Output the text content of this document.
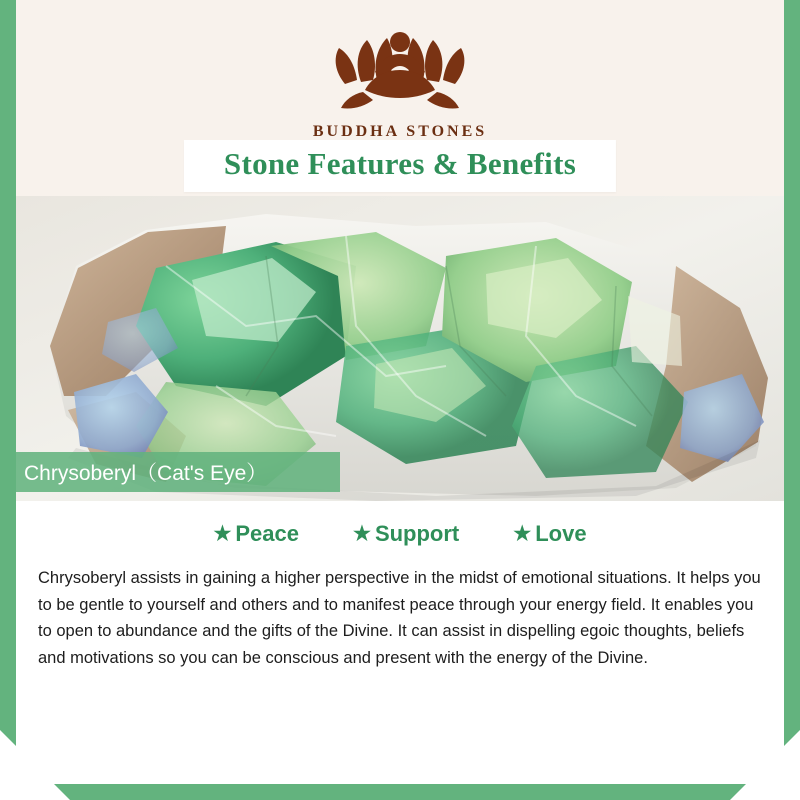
BUDDHA STONES
Stone Features & Benefits
Chrysoberyl（Cat's Eye）
★ Peace	★ Support	★ Love

Chrysoberyl assists in gaining a higher perspective in the midst of emotional situations. It helps you to be gentle to yourself and others and to manifest peace through your energy field. It enables you to open to abundance and the gifts of the Divine. It can assist in dispelling egoic thoughts, beliefs and motivations so you can be conscious and present with the energy of the Divine.
